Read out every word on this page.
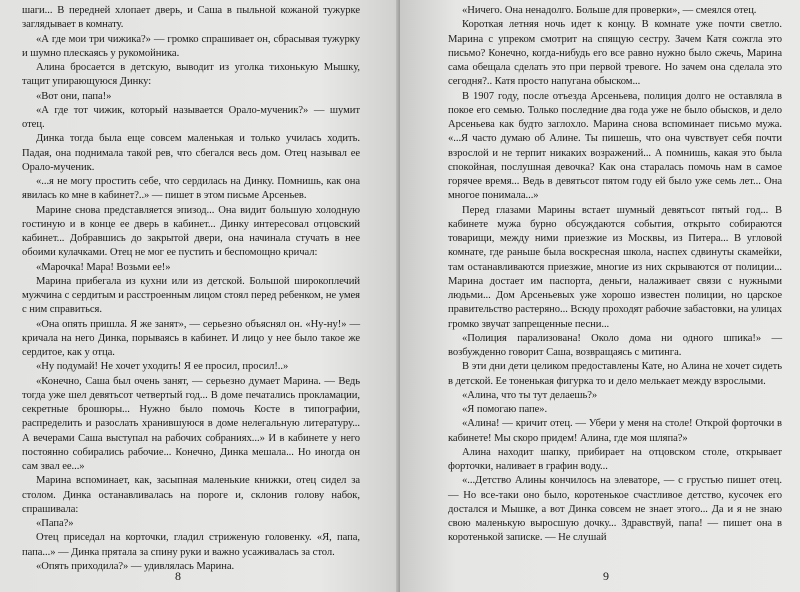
шаги... В передней хлопает дверь, и Саша в пыльной кожаной тужурке заглядывает в комнату.

«А где мои три чижика?» — громко спрашивает он, сбрасывая тужурку и шумно плескаясь у рукомойника.

Алина бросается в детскую, выводит из уголка тихонькую Мышку, тащит упирающуюся Динку:

«Вот они, папа!»

«А где тот чижик, который называется Орало-мученик?» — шумит отец.

Динка тогда была еще совсем маленькая и только училась ходить. Падая, она поднимала такой рев, что сбегался весь дом. Отец называл ее Орало-мученик.

«...я не могу простить себе, что сердилась на Динку. Помнишь, как она явилась ко мне в кабинет?..» — пишет в этом письме Арсеньев.

Марине снова представляется эпизод... Она видит большую холодную гостиную и в конце ее дверь в кабинет... Динку интересовал отцовский кабинет... Добравшись до закрытой двери, она начинала стучать в нее обоими кулачками. Отец не мог ее пустить и беспомощно кричал:

«Марочка! Мара! Возьми ее!»

Марина прибегала из кухни или из детской. Большой широкоплечий мужчина с сердитым и расстроенным лицом стоял перед ребенком, не умея с ним справиться.

«Она опять пришла. Я же занят», — серьезно объяснял он. «Ну-ну!» — кричала на него Динка, порываясь в кабинет. И лицо у нее было такое же сердитое, как у отца.

«Ну подумай! Не хочет уходить! Я ее просил, просил!..»

«Конечно, Саша был очень занят, — серьезно думает Марина. — Ведь тогда уже шел девятьсот четвертый год... В доме печатались прокламации, секретные брошюры... Нужно было помочь Косте в типографии, распределить и разослать хранившуюся в доме нелегальную литературу... А вечерами Саша выступал на рабочих собраниях...» И в кабинете у него постоянно собирались рабочие... Конечно, Динка мешала... Но иногда он сам звал ее...»

Марина вспоминает, как, засыпная маленькие книжки, отец сидел за столом. Динка останавливалась на пороге и, склонив голову набок, спрашивала:

«Папа?»

Отец приседал на корточки, гладил стриженую головенку. «Я, папа, папа...» — Динка прятала за спину руки и важно усаживалась за стол.

«Опять приходила?» — удивлялась Марина.

8

«Ничего. Она ненадолго. Больше для проверки», — смеялся отец.

Короткая летняя ночь идет к концу. В комнате уже почти светло. Марина с упреком смотрит на спящую сестру. Зачем Катя сожгла это письмо? Конечно, когда-нибудь его все равно нужно было сжечь, Марина сама обещала сделать это при первой тревоге. Но зачем она сделала это сегодня?.. Катя просто напугана обыском...

В 1907 году, после отъезда Арсеньева, полиция долго не оставляла в покое его семью. Только последние два года уже не было обысков, и дело Арсеньева как будто заглохло. Марина снова вспоминает письмо мужа. «...Я часто думаю об Алине. Ты пишешь, что она чувствует себя почти взрослой и не терпит никаких возражений... А помнишь, какая это была спокойная, послушная девочка? Как она старалась помочь нам в самое горячее время... Ведь в девятьсот пятом году ей было уже семь лет... Она многое понимала...»

Перед глазами Марины встает шумный девятьсот пятый год... В кабинете мужа бурно обсуждаются события, открыто собираются товарищи, между ними приезжие из Москвы, из Питера... В угловой комнате, где раньше была воскресная школа, наспех сдвинуты скамейки, там останавливаются приезжие, многие из них скрываются от полиции... Марина достает им паспорта, деньги, налаживает связи с нужными людьми... Дом Арсеньевых уже хорошо известен полиции, но царское правительство растеряно... Всюду проходят рабочие забастовки, на улицах громко звучат запрещенные песни...

«Полиция парализована! Около дома ни одного шпика!» — возбужденно говорит Саша, возвращаясь с митинга.

В эти дни дети целиком предоставлены Кате, но Алина не хочет сидеть в детской. Ее тоненькая фигурка то и дело мелькает между взрослыми.

«Алина, что ты тут делаешь?»

«Я помогаю папе».

«Алина! — кричит отец. — Убери у меня на столе! Открой форточки в кабинете! Мы скоро придем! Алина, где моя шляпа?»

Алина находит шапку, прибирает на отцовском столе, открывает форточки, наливает в графин воду...

«...Детство Алины кончилось на элеваторе, — с грустью пишет отец. — Но все-таки оно было, коротенькое счастливое детство, кусочек его достался и Мышке, а вот Динка совсем не знает этого... Да и я не знаю свою маленькую выросшую дочку... Здравствуй, папа! — пишет она в коротенькой записке. — Не слушай

9
